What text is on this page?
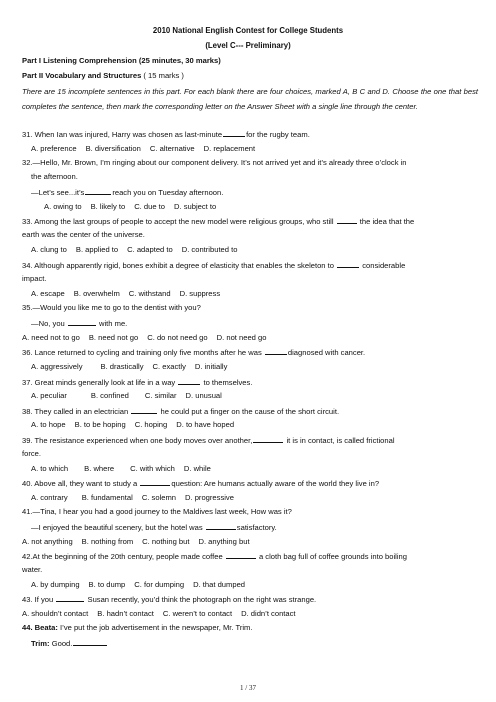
2010 National English Contest for College Students
(Level C--- Preliminary)
Part I Listening Comprehension (25 minutes, 30 marks)
Part II Vocabulary and Structures ( 15 marks )
There are 15 incomplete sentences in this part. For each blank there are four choices, marked A, B C and D. Choose the one that best completes the sentence, then mark the corresponding letter on the Answer Sheet with a single line through the center.
31. When Ian was injured, Harry was chosen as last-minute	for the rugby team.
A. preference B. diversification C. alternative D. replacement
32.—Hello, Mr. Brown, I’m ringing about our component delivery. It’s not arrived yet and it’s already three o’clock in
the afternoon.
—Let’s see...it’s	reach you on Tuesday afternoon.
A. owing to B. likely to C. due to D. subject to
33. Among the last groups of people to accept the new model were religious groups, who still	the idea that the
earth was the center of the universe.
A. clung to B. applied to C. adapted to D. contributed to
34. Although apparently rigid, bones exhibit a degree of elasticity that enables the skeleton to	considerable
impact.
A. escape B. overwhelm C. withstand D. suppress
35.—Would you like me to go to the dentist with you?
—No, you	with me.
A. need not to go B. need not go C. do not need go D. not need go
36. Lance returned to cycling and training only five months after he was	diagnosed with cancer.
A. aggressively B. drastically C. exactly D. initially
37. Great minds generally look at life in a way	to themselves.
A. peculiar	B. confined C. similar D. unusual
38. They called in an electrician	he could put a finger on the cause of the short circuit.
A. to hope B. to be hoping C. hoping D. to have hoped
39. The resistance experienced when one body moves over another,	it is in contact, is called frictional
force.
A. to which B. where C. with which D. while
40. Above all, they want to study a	question: Are humans actually aware of the world they live in?
A. contrary B. fundamental C. solemn D. progressive
41.—Tina, I hear you had a good journey to the Maldives last week, How was it?
—I enjoyed the beautiful scenery, but the hotel was	satisfactory.
A. not anything B. nothing from C. nothing but D. anything but
42.At the beginning of the 20th century, people made coffee	a cloth bag full of coffee grounds into boiling
water.
A. by dumping B. to dump C. for dumping D. that dumped
43. If you	Susan recently, you’d think the photograph on the right was strange.
A. shouldn’t contact B. hadn’t contact C. weren’t to contact D. didn’t contact
44. Beata: I’ve put the job advertisement in the newspaper, Mr. Trim.
Trim: Good.
1 / 37
